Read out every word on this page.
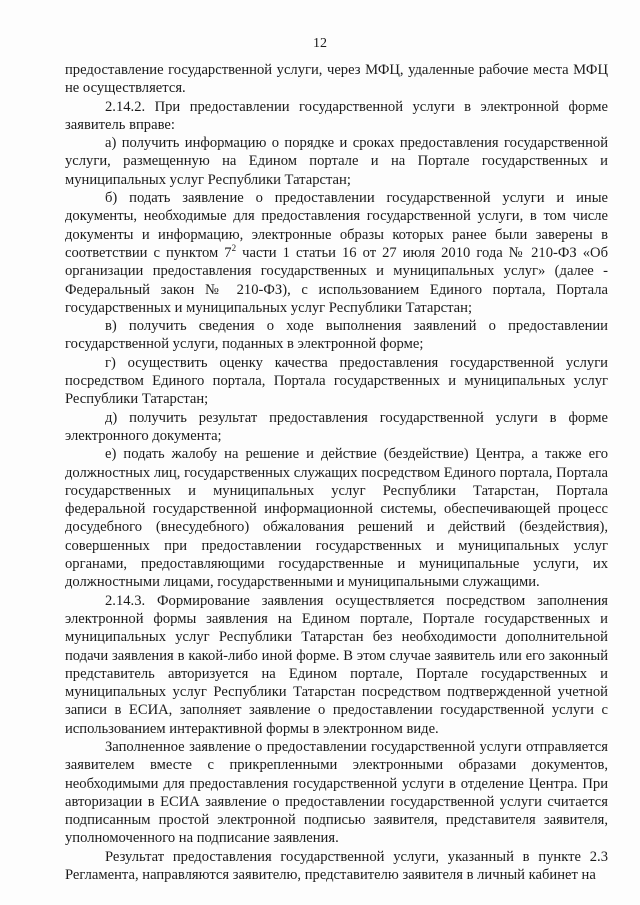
12

предоставление государственной услуги, через МФЦ, удаленные рабочие места МФЦ не осуществляется.

2.14.2. При предоставлении государственной услуги в электронной форме заявитель вправе:

а) получить информацию о порядке и сроках предоставления государственной услуги, размещенную на Едином портале и на Портале государственных и муниципальных услуг Республики Татарстан;

б) подать заявление о предоставлении государственной услуги и иные документы, необходимые для предоставления государственной услуги, в том числе документы и информацию, электронные образы которых ранее были заверены в соответствии с пунктом $7^2$ части 1 статьи 16 от 27 июля 2010 года № 210-ФЗ «Об организации предоставления государственных и муниципальных услуг» (далее - Федеральный закон № 210-ФЗ), с использованием Единого портала, Портала государственных и муниципальных услуг Республики Татарстан;

в) получить сведения о ходе выполнения заявлений о предоставлении государственной услуги, поданных в электронной форме;

г) осуществить оценку качества предоставления государственной услуги посредством Единого портала, Портала государственных и муниципальных услуг Республики Татарстан;

д) получить результат предоставления государственной услуги в форме электронного документа;

е) подать жалобу на решение и действие (бездействие) Центра, а также его должностных лиц, государственных служащих посредством Единого портала, Портала государственных и муниципальных услуг Республики Татарстан, Портала федеральной государственной информационной системы, обеспечивающей процесс досудебного (внесудебного) обжалования решений и действий (бездействия), совершенных при предоставлении государственных и муниципальных услуг органами, предоставляющими государственные и муниципальные услуги, их должностными лицами, государственными и муниципальными служащими.

2.14.3. Формирование заявления осуществляется посредством заполнения электронной формы заявления на Едином портале, Портале государственных и муниципальных услуг Республики Татарстан без необходимости дополнительной подачи заявления в какой-либо иной форме. В этом случае заявитель или его законный представитель авторизуется на Едином портале, Портале государственных и муниципальных услуг Республики Татарстан посредством подтвержденной учетной записи в ЕСИА, заполняет заявление о предоставлении государственной услуги с использованием интерактивной формы в электронном виде.

Заполненное заявление о предоставлении государственной услуги отправляется заявителем вместе с прикрепленными электронными образами документов, необходимыми для предоставления государственной услуги в отделение Центра. При авторизации в ЕСИА заявление о предоставлении государственной услуги считается подписанным простой электронной подписью заявителя, представителя заявителя, уполномоченного на подписание заявления.

Результат предоставления государственной услуги, указанный в пункте 2.3 Регламента, направляются заявителю, представителю заявителя в личный кабинет на
